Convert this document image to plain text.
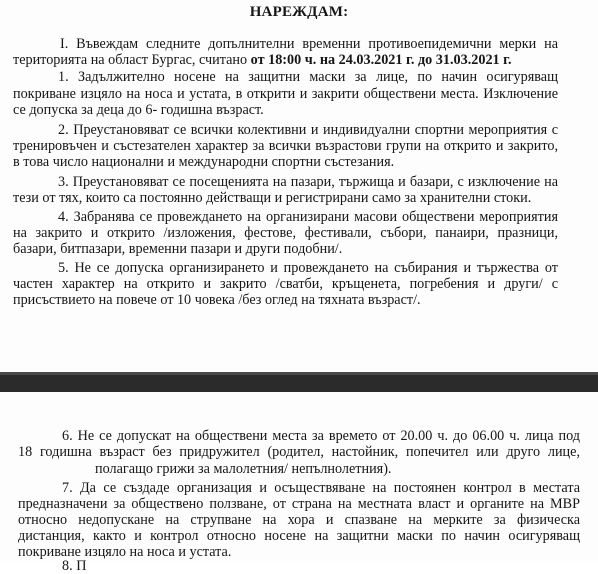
НАРЕЖДАМ:
I. Въвеждам следните допълнителни временни противоепидемични мерки на
територията на област Бургас, считано от 18:00 ч. на 24.03.2021 г. до 31.03.2021 г.
1. Задължително носене на защитни маски за лице, по начин осигуряващ
покриване изцяло на носа и устата, в открити и закрити обществени места. Изключение
се допуска за деца до 6- годишна възраст.
2. Преустановяват се всички колективни и индивидуални спортни мероприятия с
тренировъчен и състезателен характер за всички възрастови групи на открито и закрито,
в това число национални и международни спортни състезания.
3. Преустановяват се посещенията на пазари, тържища и базари, с изключение на
тези от тях, които са постоянно действащи и регистрирани само за хранителни стоки.
4. Забранява се провеждането на организирани масови обществени мероприятия
на закрито и открито /изложения, фестове, фестивали, събори, панаири, празници,
базари, битпазари, временни пазари и други подобни/.
5. Не се допуска организирането и провеждането на събирания и тържества от
частен характер на открито и закрито /сватби, кръщенета, погребения и други/ с
присъствието на повече от 10 човека /без оглед на тяхната възраст/.
6. Не се допускат на обществени места за времето от 20.00 ч. до 06.00 ч. лица под
18 годишна възраст без придружител (родител, настойник, попечител или друго лице,
полагащо грижи за малолетния/ непълнолетния).
7. Да се създаде организация и осъществяване на постоянен контрол в местата
предназначени за обществено ползване, от страна на местната власт и органите на МВР
относно недопускане на струпване на хора и спазване на мерките за физическа
дистанция, както и контрол относно носене на защитни маски по начин осигуряващ
покриване изцяло на носа и устата.
8. П
